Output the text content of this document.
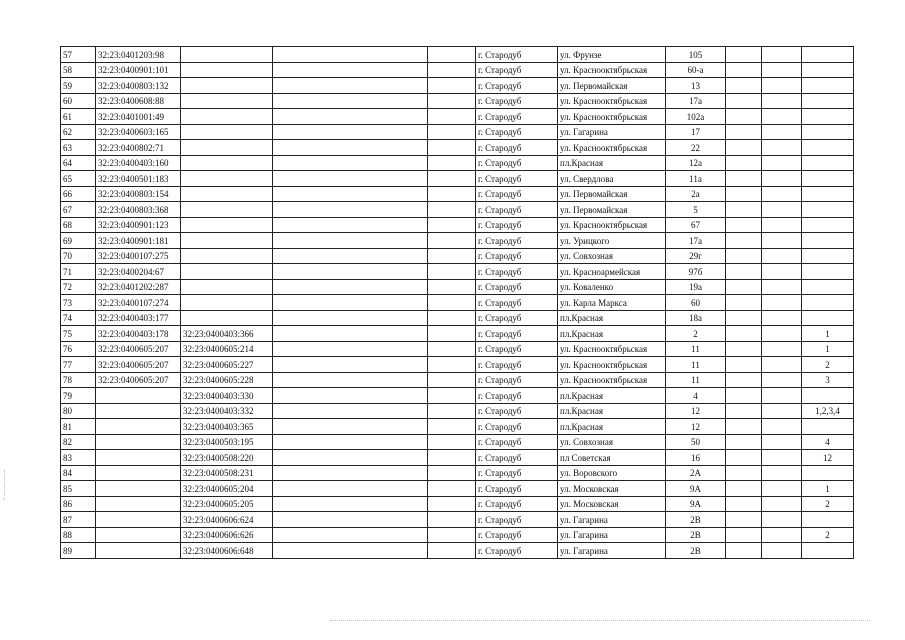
57	32:23:0401203:98				г. Стародуб	ул. Фрунзе	105			
58	32:23:0400901:101				г. Стародуб	ул. Краснооктябрьская	60-а			
59	32:23:0400803:132				г. Стародуб	ул. Первомайская	13			
60	32:23:0400608:88				г. Стародуб	ул. Краснооктябрьская	17а			
61	32:23:0401001:49				г. Стародуб	ул. Краснооктябрьская	102а			
62	32:23:0400603:165				г. Стародуб	ул. Гагарина	17			
63	32:23:0400802:71				г. Стародуб	ул. Краснооктябрьская	22			
64	32:23:0400403:160				г. Стародуб	пл.Красная	12а			
65	32:23:0400501:183				г. Стародуб	ул. Свердлова	11а			
66	32:23:0400803:154				г. Стародуб	ул. Первомайская	2а			
67	32:23:0400803:368				г. Стародуб	ул. Первомайская	5			
68	32:23:0400901:123				г. Стародуб	ул. Краснооктябрьская	67			
69	32:23:0400901:181				г. Стародуб	ул. Урицкого	17а			
70	32:23:0400107:275				г. Стародуб	ул. Совхозная	29г			
71	32:23:0400204:67				г. Стародуб	ул. Красноармейская	97б			
72	32:23:0401202:287				г. Стародуб	ул. Коваленко	19а			
73	32:23:0400107:274				г. Стародуб	ул. Карла Маркса	60			
74	32:23:0400403:177				г. Стародуб	пл.Красная	18а			
75	32:23:0400403:178	32:23:0400403:366			г. Стародуб	пл.Красная	2			1
76	32:23:0400605:207	32:23:0400605:214			г. Стародуб	ул. Краснооктябрьская	11			1
77	32:23:0400605:207	32:23:0400605:227			г. Стародуб	ул. Краснооктябрьская	11			2
78	32:23:0400605:207	32:23:0400605:228			г. Стародуб	ул. Краснооктябрьская	11			3
79		32:23:0400403:330			г. Стародуб	пл.Красная	4			
80		32:23:0400403:332			г. Стародуб	пл.Красная	12			1,2,3,4
81		32:23:0400403:365			г. Стародуб	пл.Красная	12			
82		32:23:0400503:195			г. Стародуб	ул. Совхозная	50			4
83		32:23:0400508:220			г. Стародуб	пл Советская	16			12
84		32:23:0400508:231			г. Стародуб	ул. Воровского	2А			
85		32:23:0400605:204			г. Стародуб	ул. Московская	9А			1
86		32:23:0400605:205			г. Стародуб	ул. Московская	9А			2
87		32:23:0400606:624			г. Стародуб	ул. Гагарина	2В			
88		32:23:0400606:626			г. Стародуб	ул. Гагарина	2В			2
89		32:23:0400606:648			г. Стародуб	ул. Гагарина	2В			
